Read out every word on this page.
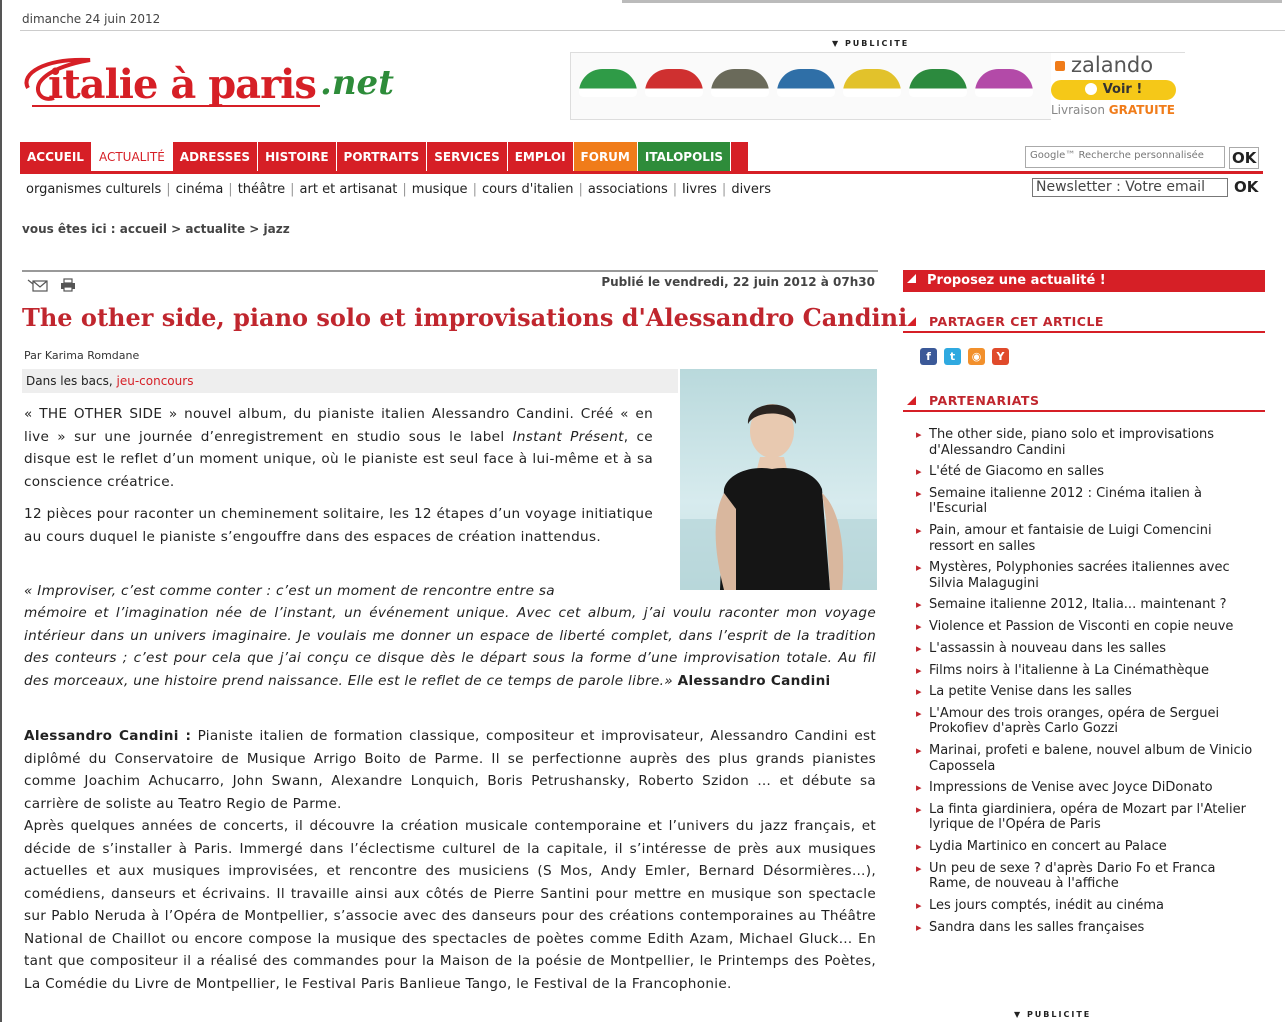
dimanche 24 juin 2012
italie à paris .net
▼ PUBLICITE
zalando
Voir !
Livraison GRATUITE
ACCUEIL	ACTUALITÉ	ADRESSES	HISTOIRE	PORTRAITS	SERVICES	EMPLOI	FORUM	ITALOPOLIS	Google™ Recherche personnalisée	OK
organismes culturels | cinéma | théâtre | art et artisanat | musique | cours d'italien | associations | livres | divers	Newsletter : Votre email	OK
vous êtes ici : accueil > actualite > jazz
Publié le vendredi, 22 juin 2012 à 07h30
The other side, piano solo et improvisations d'Alessandro Candini
Par Karima Romdane
Dans les bacs, jeu-concours
« THE OTHER SIDE » nouvel album, du pianiste italien Alessandro Candini. Créé « en live » sur une journée d’enregistrement en studio sous le label Instant Présent, ce disque est le reflet d’un moment unique, où le pianiste est seul face à lui-même et à sa conscience créatrice.
12 pièces pour raconter un cheminement solitaire, les 12 étapes d’un voyage initiatique au cours duquel le pianiste s’engouffre dans des espaces de création inattendus.
« Improviser, c’est comme conter : c’est un moment de rencontre entre sa
mémoire et l’imagination née de l’instant, un événement unique. Avec cet album, j’ai voulu raconter mon voyage intérieur dans un univers imaginaire. Je voulais me donner un espace de liberté complet, dans l’esprit de la tradition des conteurs ; c’est pour cela que j’ai conçu ce disque dès le départ sous la forme d’une improvisation totale. Au fil des morceaux, une histoire prend naissance. Elle est le reflet de ce temps de parole libre.» Alessandro Candini
Alessandro Candini : Pianiste italien de formation classique, compositeur et improvisateur, Alessandro Candini est diplômé du Conservatoire de Musique Arrigo Boito de Parme. Il se perfectionne auprès des plus grands pianistes comme Joachim Achucarro, John Swann, Alexandre Lonquich, Boris Petrushansky, Roberto Szidon … et débute sa carrière de soliste au Teatro Regio de Parme.
Après quelques années de concerts, il découvre la création musicale contemporaine et l’univers du jazz français, et décide de s’installer à Paris. Immergé dans l’éclectisme culturel de la capitale, il s’intéresse de près aux musiques actuelles et aux musiques improvisées, et rencontre des musiciens (S Mos, Andy Emler, Bernard Désormières…), comédiens, danseurs et écrivains. Il travaille ainsi aux côtés de Pierre Santini pour mettre en musique son spectacle sur Pablo Neruda à l’Opéra de Montpellier, s’associe avec des danseurs pour des créations contemporaines au Théâtre National de Chaillot ou encore compose la musique des spectacles de poètes comme Edith Azam, Michael Gluck… En tant que compositeur il a réalisé des commandes pour la Maison de la poésie de Montpellier, le Printemps des Poètes, La Comédie du Livre de Montpellier, le Festival Paris Banlieue Tango, le Festival de la Francophonie.
Proposez une actualité !
PARTAGER CET ARTICLE
f	t	◉	Y
PARTENARIATS
▸ The other side, piano solo et improvisations d'Alessandro Candini
▸ L'été de Giacomo en salles
▸ Semaine italienne 2012 : Cinéma italien à l'Escurial
▸ Pain, amour et fantaisie de Luigi Comencini ressort en salles
▸ Mystères, Polyphonies sacrées italiennes avec Silvia Malagugini
▸ Semaine italienne 2012, Italia... maintenant ?
▸ Violence et Passion de Visconti en copie neuve
▸ L'assassin à nouveau dans les salles
▸ Films noirs à l'italienne à La Cinémathèque
▸ La petite Venise dans les salles
▸ L'Amour des trois oranges, opéra de Serguei Prokofiev d'après Carlo Gozzi
▸ Marinai, profeti e balene, nouvel album de Vinicio Capossela
▸ Impressions de Venise avec Joyce DiDonato
▸ La finta giardiniera, opéra de Mozart par l'Atelier lyrique de l'Opéra de Paris
▸ Lydia Martinico en concert au Palace
▸ Un peu de sexe ? d'après Dario Fo et Franca Rame, de nouveau à l'affiche
▸ Les jours comptés, inédit au cinéma
▸ Sandra dans les salles françaises
▼ PUBLICITE
